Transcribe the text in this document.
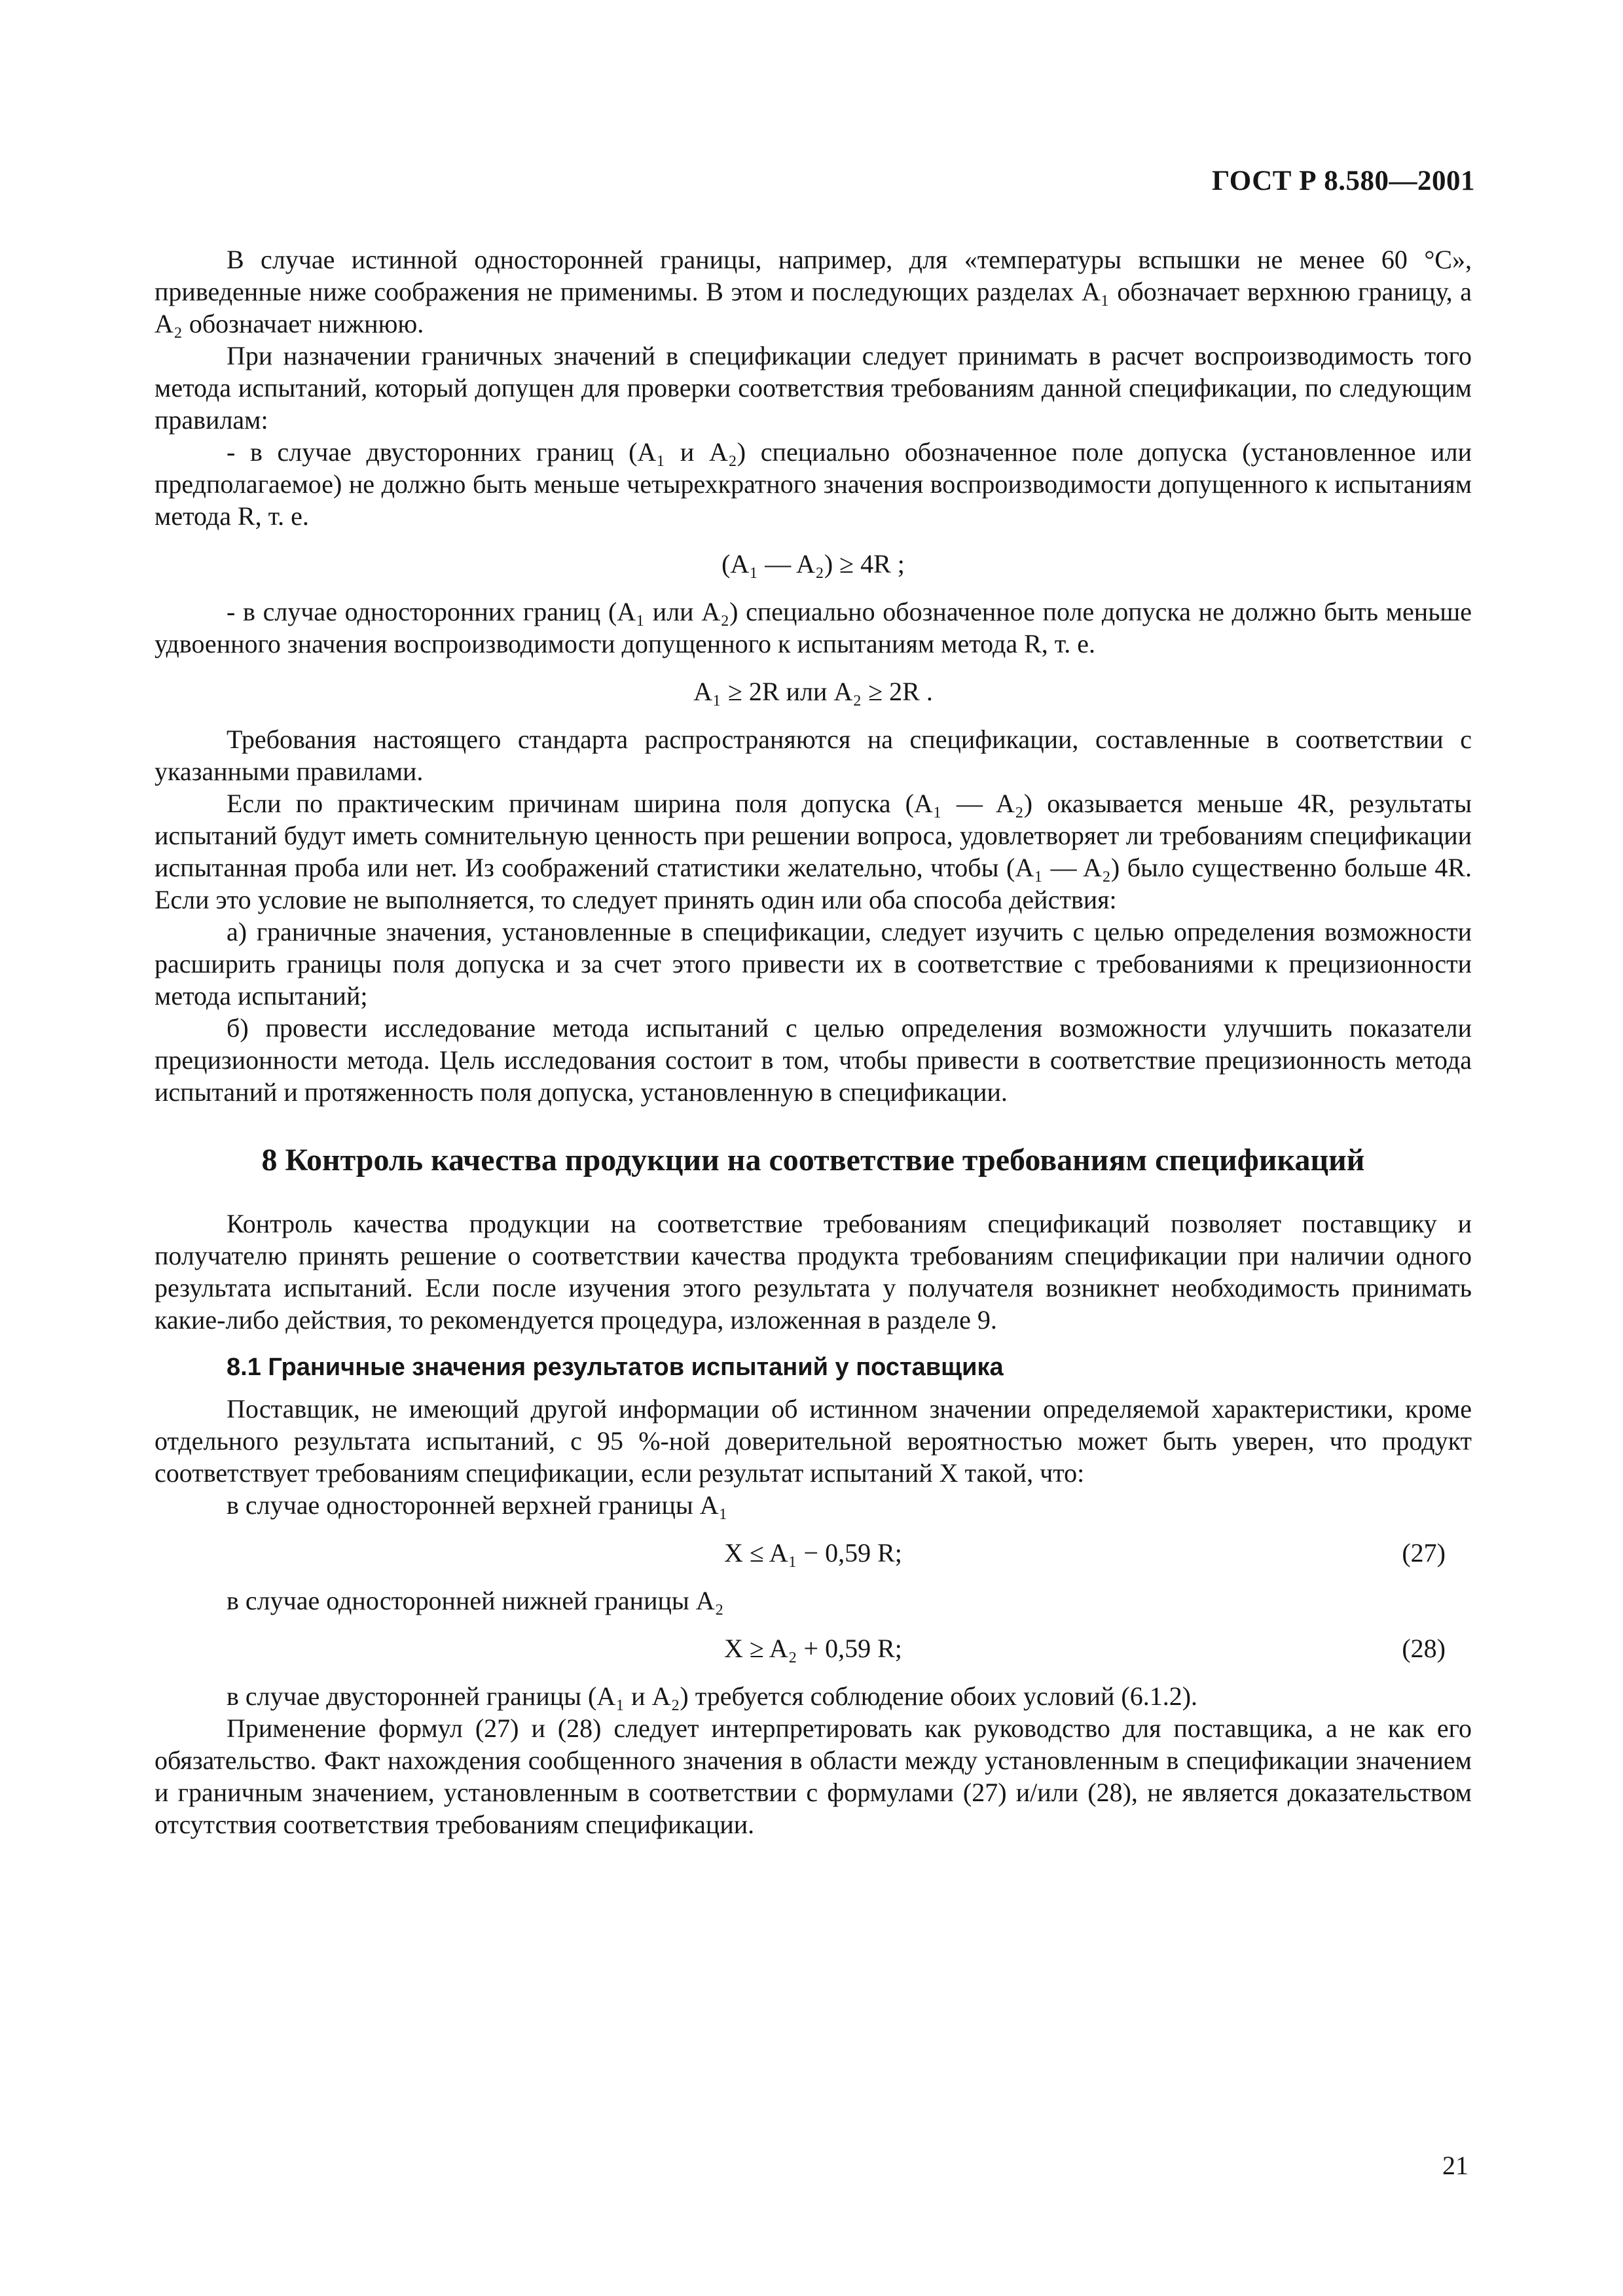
ГОСТ Р 8.580—2001

В случае истинной односторонней границы, например, для «температуры вспышки не менее 60 °С», приведенные ниже соображения не применимы. В этом и последующих разделах A₁ обозначает верхнюю границу, а A₂ обозначает нижнюю.

При назначении граничных значений в спецификации следует принимать в расчет воспроизводимость того метода испытаний, который допущен для проверки соответствия требованиям данной спецификации, по следующим правилам:

- в случае двусторонних границ (A₁ и A₂) специально обозначенное поле допуска (установленное или предполагаемое) не должно быть меньше четырехкратного значения воспроизводимости допущенного к испытаниям метода R, т. е.

(A₁ — A₂) ≥ 4R ;

- в случае односторонних границ (A₁ или A₂) специально обозначенное поле допуска не должно быть меньше удвоенного значения воспроизводимости допущенного к испытаниям метода R, т. е.

A₁ ≥ 2R или A₂ ≥ 2R .

Требования настоящего стандарта распространяются на спецификации, составленные в соответствии с указанными правилами.

Если по практическим причинам ширина поля допуска (A₁ — A₂) оказывается меньше 4R, результаты испытаний будут иметь сомнительную ценность при решении вопроса, удовлетворяет ли требованиям спецификации испытанная проба или нет. Из соображений статистики желательно, чтобы (A₁ — A₂) было существенно больше 4R. Если это условие не выполняется, то следует принять один или оба способа действия:

а) граничные значения, установленные в спецификации, следует изучить с целью определения возможности расширить границы поля допуска и за счет этого привести их в соответствие с требованиями к прецизионности метода испытаний;

б) провести исследование метода испытаний с целью определения возможности улучшить показатели прецизионности метода. Цель исследования состоит в том, чтобы привести в соответствие прецизионность метода испытаний и протяженность поля допуска, установленную в спецификации.

8 Контроль качества продукции на соответствие требованиям спецификаций

Контроль качества продукции на соответствие требованиям спецификаций позволяет поставщику и получателю принять решение о соответствии качества продукта требованиям спецификации при наличии одного результата испытаний. Если после изучения этого результата у получателя возникнет необходимость принимать какие-либо действия, то рекомендуется процедура, изложенная в разделе 9.

8.1 Граничные значения результатов испытаний у поставщика

Поставщик, не имеющий другой информации об истинном значении определяемой характеристики, кроме отдельного результата испытаний, с 95 %-ной доверительной вероятностью может быть уверен, что продукт соответствует требованиям спецификации, если результат испытаний X такой, что:

в случае односторонней верхней границы A₁

X ≤ A₁ − 0,59 R;	(27)

в случае односторонней нижней границы A₂

X ≥ A₂ + 0,59 R;	(28)

в случае двусторонней границы (A₁ и A₂) требуется соблюдение обоих условий (6.1.2).

Применение формул (27) и (28) следует интерпретировать как руководство для поставщика, а не как его обязательство. Факт нахождения сообщенного значения в области между установленным в спецификации значением и граничным значением, установленным в соответствии с формулами (27) и/или (28), не является доказательством отсутствия соответствия требованиям спецификации.

21
